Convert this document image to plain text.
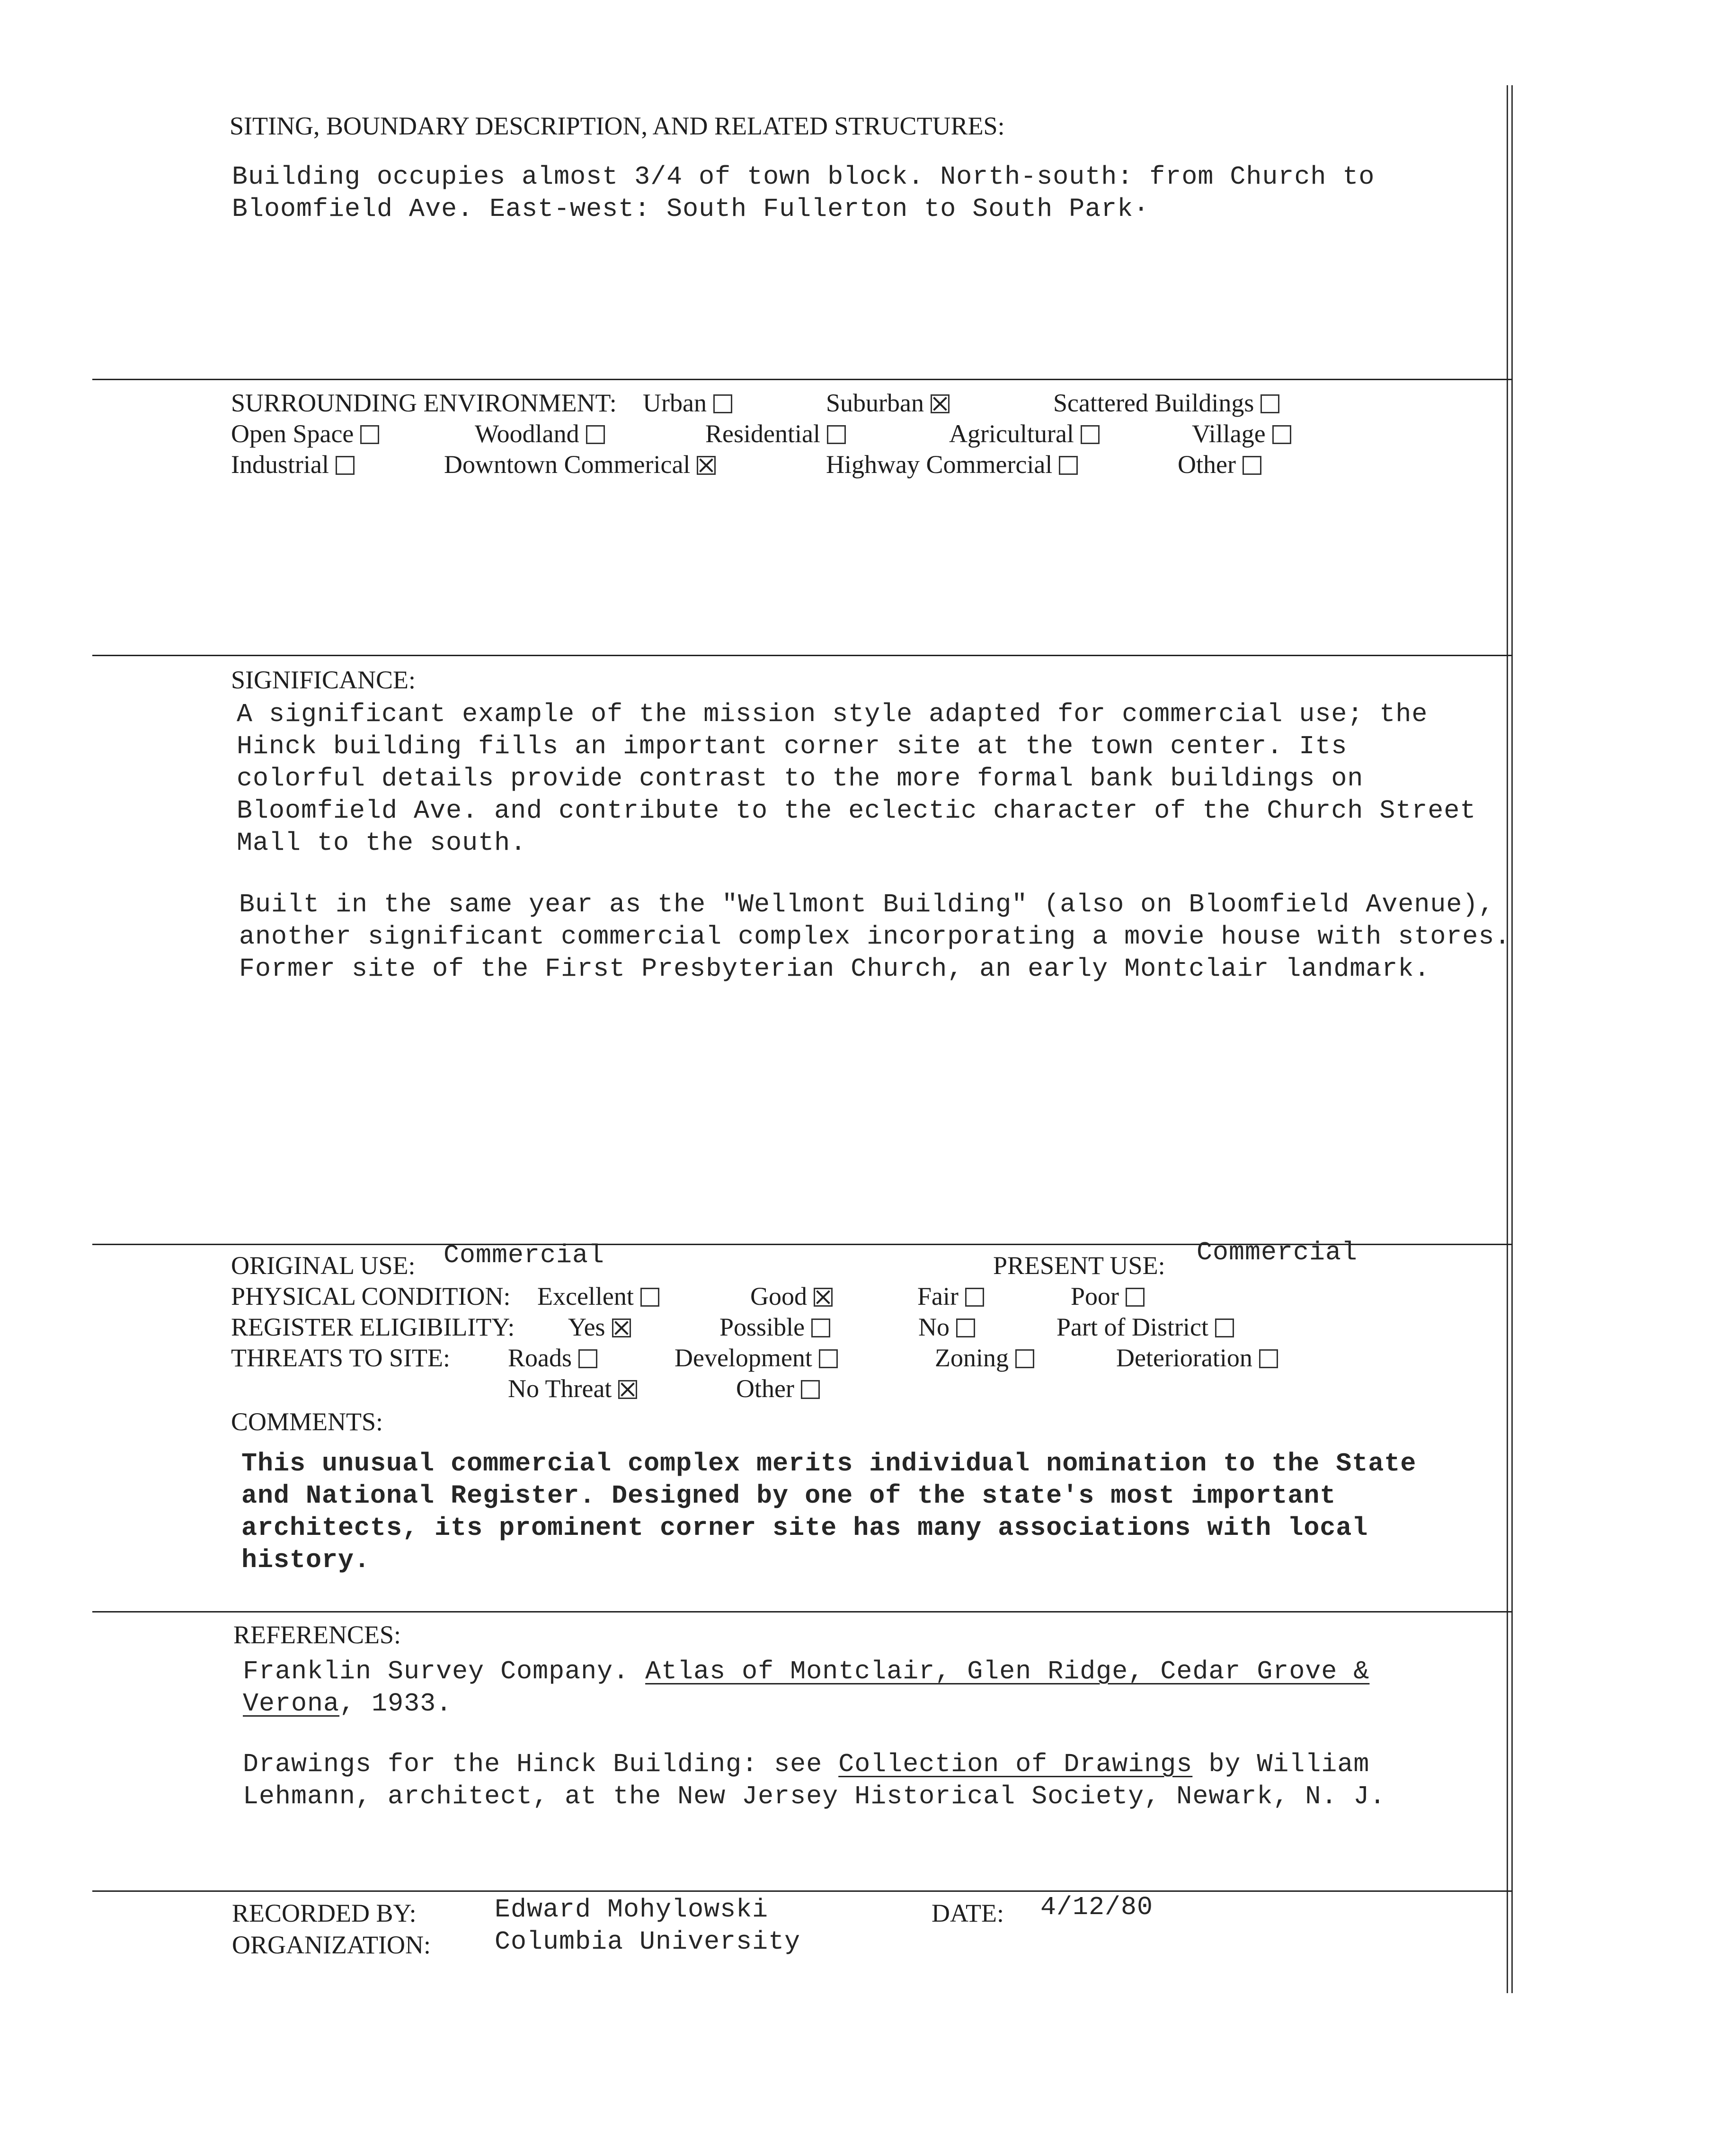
SITING, BOUNDARY DESCRIPTION, AND RELATED STRUCTURES:
Building occupies almost 3/4 of town block. North-south: from Church to
Bloomfield Ave. East-west: South Fullerton to South Park·
SURROUNDING ENVIRONMENT: Urban	Suburban	Scattered Buildings
Open Space	Woodland	Residential	Agricultural	Village
Industrial	Downtown Commerical	Highway Commercial	Other
SIGNIFICANCE:
A significant example of the mission style adapted for commercial use; the
Hinck building fills an important corner site at the town center. Its
colorful details provide contrast to the more formal bank buildings on
Bloomfield Ave. and contribute to the eclectic character of the Church Street
Mall to the south.
Built in the same year as the "Wellmont Building" (also on Bloomfield Avenue),
another significant commercial complex incorporating a movie house with stores.
Former site of the First Presbyterian Church, an early Montclair landmark.
ORIGINAL USE: Commercial	PRESENT USE: Commercial
PHYSICAL CONDITION: Excellent	Good	Fair	Poor
REGISTER ELIGIBILITY: Yes	Possible	No	Part of District
THREATS TO SITE: Roads	Development	Zoning	Deterioration
No Threat	Other
COMMENTS:
This unusual commercial complex merits individual nomination to the State
and National Register. Designed by one of the state's most important
architects, its prominent corner site has many associations with local
history.
REFERENCES:
Franklin Survey Company. Atlas of Montclair, Glen Ridge, Cedar Grove &
Verona, 1933.
Drawings for the Hinck Building: see Collection of Drawings by William
Lehmann, architect, at the New Jersey Historical Society, Newark, N. J.
RECORDED BY:	Edward Mohylowski	DATE: 4/12/80
ORGANIZATION: Columbia University
